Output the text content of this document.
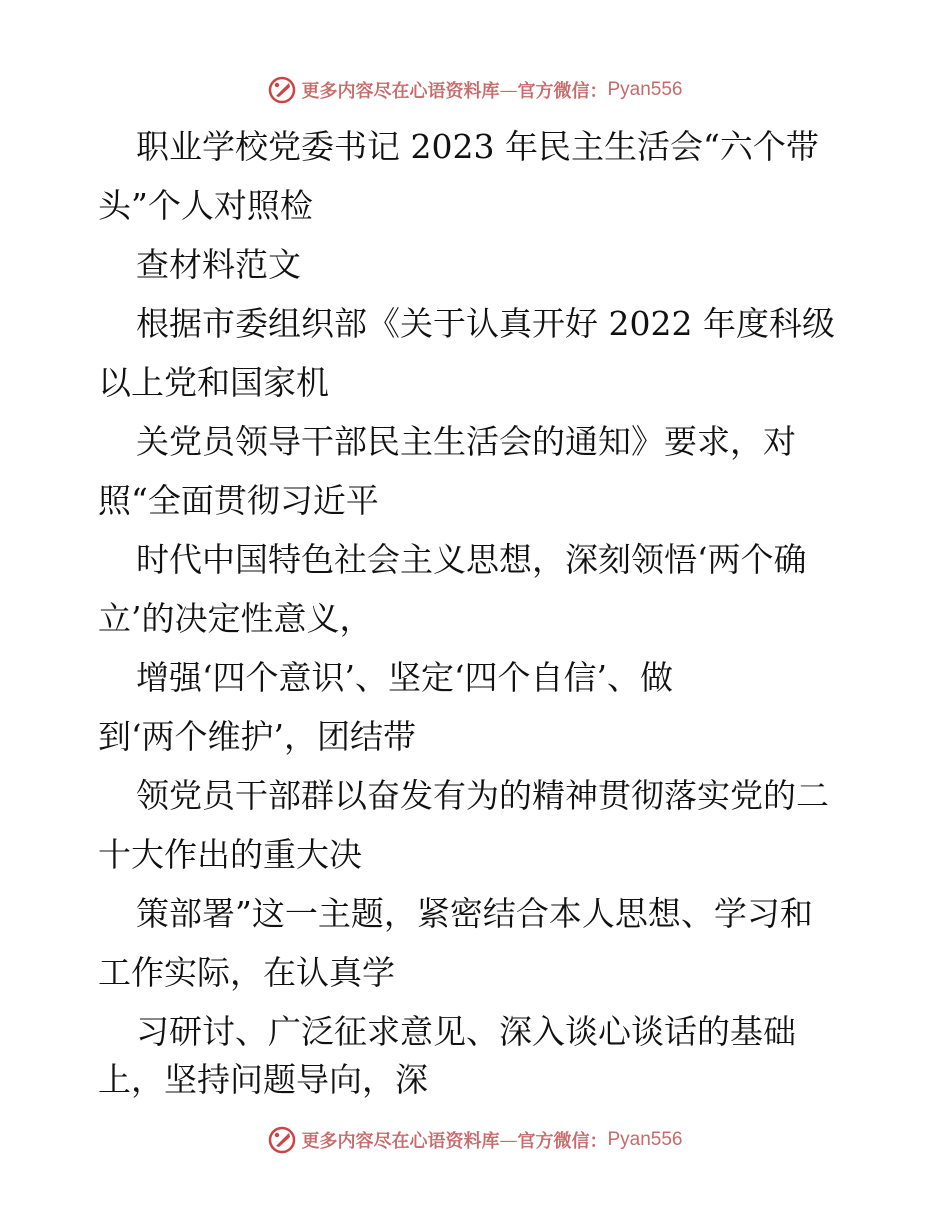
更多内容尽在心语资料库 — 官方微信： Pyan556
职业学校党委书记 2023 年民主生活会“六个带
头”个人对照检
查材料范文
根据市委组织部《关于认真开好 2022 年度科级
以上党和国家机
关党员领导干部民主生活会的通知》要求，对
照“全面贯彻习近平
时代中国特色社会主义思想，深刻领悟‘两个确
立’的决定性意义，
增强‘四个意识’、坚定‘四个自信’、做
到‘两个维护’，团结带
领党员干部群以奋发有为的精神贯彻落实党的二
十大作出的重大决
策部署”这一主题，紧密结合本人思想、学习和
工作实际，在认真学
习研讨、广泛征求意见、深入谈心谈话的基础
上，坚持问题导向，深
更多内容尽在心语资料库 — 官方微信： Pyan556
